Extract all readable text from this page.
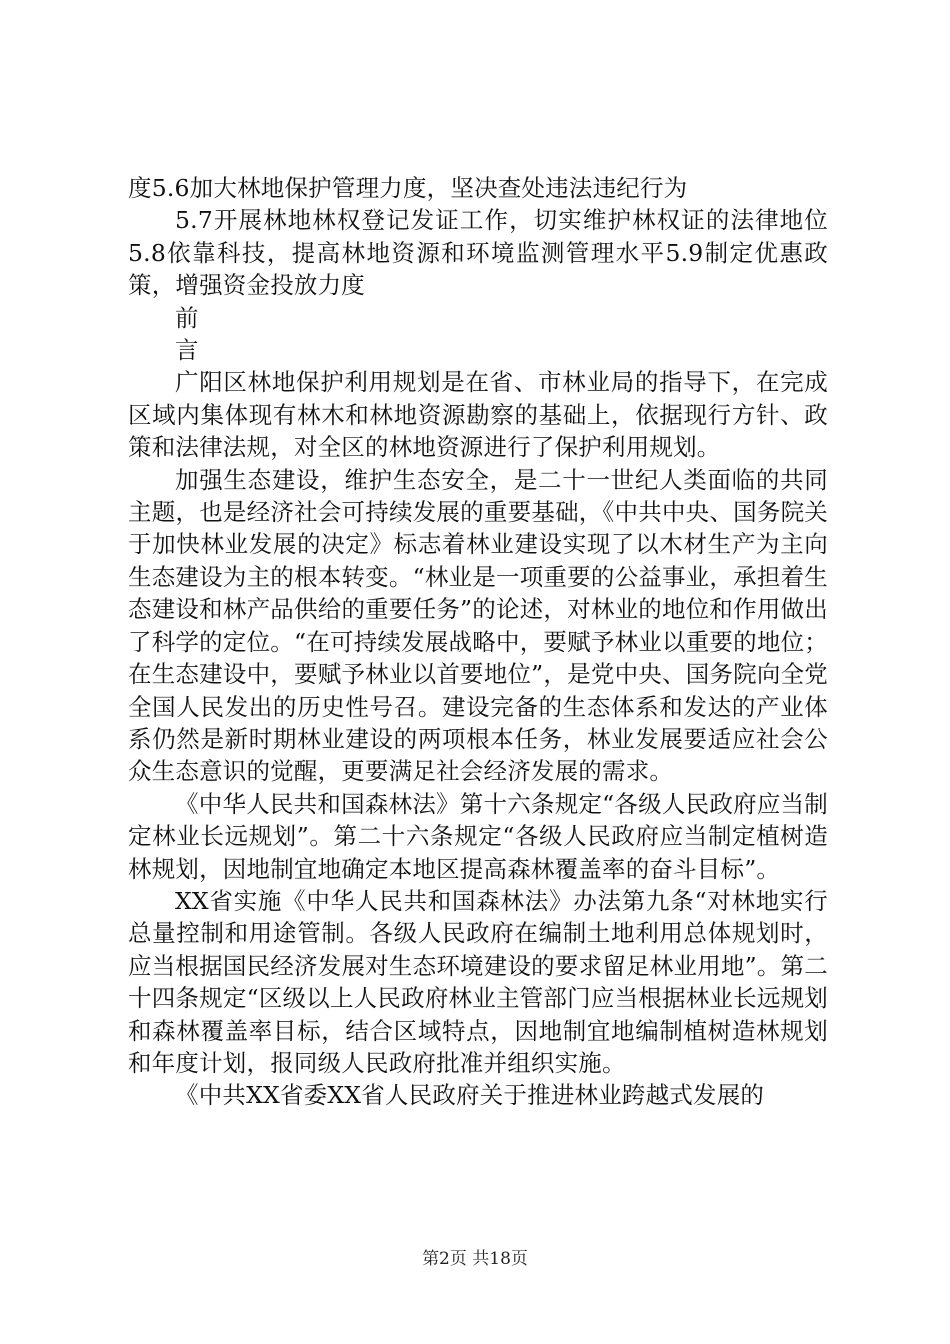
度5.6加大林地保护管理力度，坚决查处违法违纪行为

5.7开展林地林权登记发证工作，切实维护林权证的法律地位5.8依靠科技，提高林地资源和环境监测管理水平5.9制定优惠政策，增强资金投放力度

前

言

广阳区林地保护利用规划是在省、市林业局的指导下，在完成区域内集体现有林木和林地资源勘察的基础上，依据现行方针、政策和法律法规，对全区的林地资源进行了保护利用规划。

加强生态建设，维护生态安全，是二十一世纪人类面临的共同主题，也是经济社会可持续发展的重要基础，《中共中央、国务院关于加快林业发展的决定》标志着林业建设实现了以木材生产为主向生态建设为主的根本转变。“林业是一项重要的公益事业，承担着生态建设和林产品供给的重要任务”的论述，对林业的地位和作用做出了科学的定位。“在可持续发展战略中，要赋予林业以重要的地位；在生态建设中，要赋予林业以首要地位”，是党中央、国务院向全党全国人民发出的历史性号召。建设完备的生态体系和发达的产业体系仍然是新时期林业建设的两项根本任务，林业发展要适应社会公众生态意识的觉醒，更要满足社会经济发展的需求。

《中华人民共和国森林法》第十六条规定“各级人民政府应当制定林业长远规划”。第二十六条规定“各级人民政府应当制定植树造林规划，因地制宜地确定本地区提高森林覆盖率的奋斗目标”。

XX省实施《中华人民共和国森林法》办法第九条“对林地实行总量控制和用途管制。各级人民政府在编制土地利用总体规划时，应当根据国民经济发展对生态环境建设的要求留足林业用地”。第二十四条规定“区级以上人民政府林业主管部门应当根据林业长远规划和森林覆盖率目标，结合区域特点，因地制宜地编制植树造林规划和年度计划，报同级人民政府批准并组织实施。

《中共XX省委XX省人民政府关于推进林业跨越式发展的

第2页 共18页
